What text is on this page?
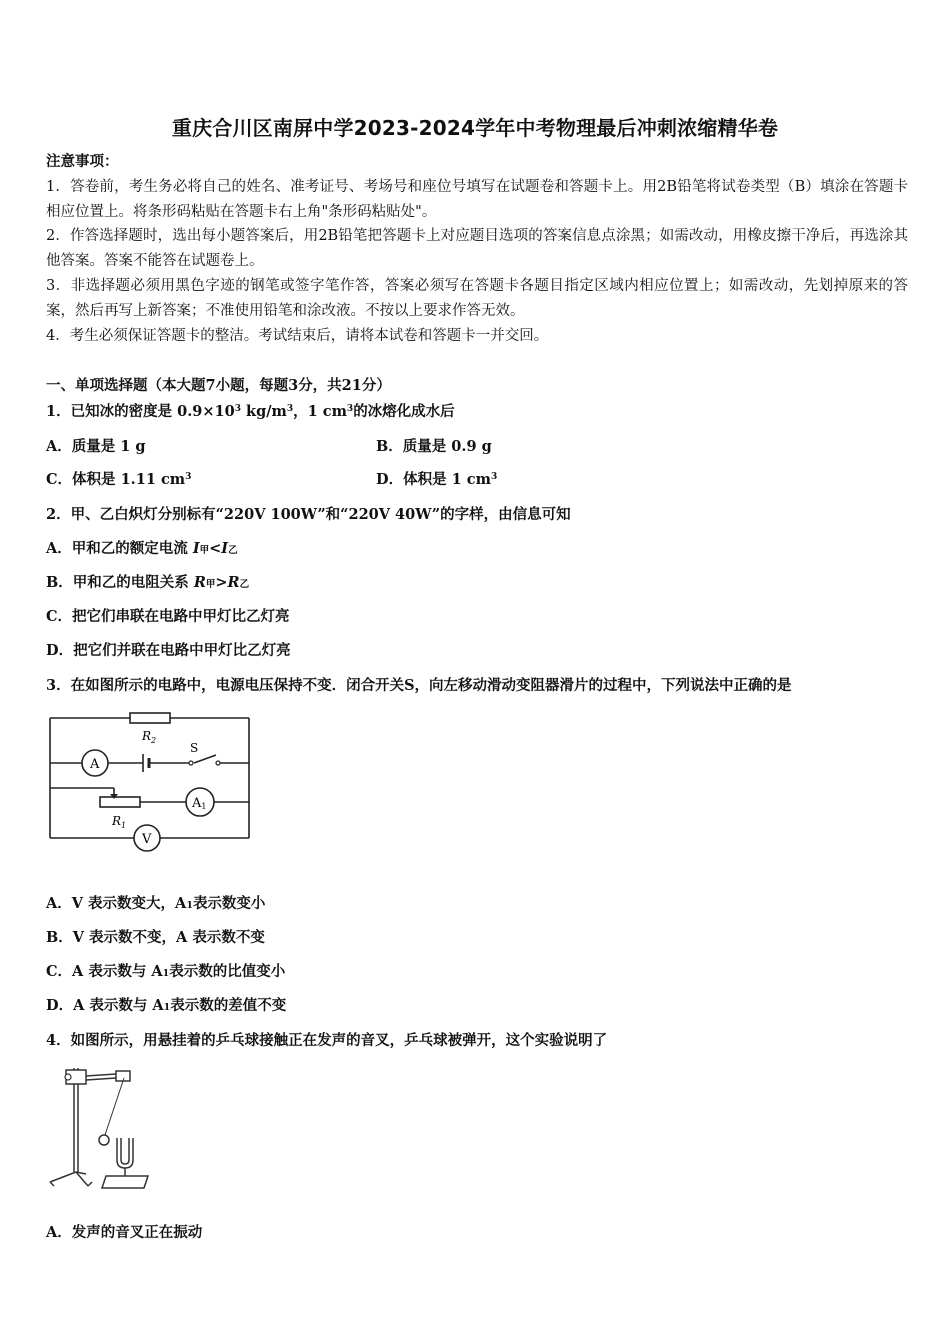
重庆合川区南屏中学2023-2024学年中考物理最后冲刺浓缩精华卷

注意事项：

1．答卷前，考生务必将自己的姓名、准考证号、考场号和座位号填写在试题卷和答题卡上。用2B铅笔将试卷类型（B）填涂在答题卡相应位置上。将条形码粘贴在答题卡右上角"条形码粘贴处"。

2．作答选择题时，选出每小题答案后，用2B铅笔把答题卡上对应题目选项的答案信息点涂黑；如需改动，用橡皮擦干净后，再选涂其他答案。答案不能答在试题卷上。

3．非选择题必须用黑色字迹的钢笔或签字笔作答，答案必须写在答题卡各题目指定区域内相应位置上；如需改动，先划掉原来的答案，然后再写上新答案；不准使用铅笔和涂改液。不按以上要求作答无效。

4．考生必须保证答题卡的整洁。考试结束后，请将本试卷和答题卡一并交回。

一、单项选择题（本大题7小题，每题3分，共21分）
1．已知冰的密度是 $0.9\times 10^3$ $kg/m^3$，1 $cm^3$的冰熔化成水后
A．质量是 1 g	B．质量是 0.9 g
C．体积是 1.11 $cm^3$	D．体积是 1 $cm^3$
2．甲、乙白炽灯分别标有“220V 100W”和“220V 40W”的字样，由信息可知
A．甲和乙的额定电流 I甲<I乙
B．甲和乙的电阻关系 R甲>R乙
C．把它们串联在电路中甲灯比乙灯亮
D．把它们并联在电路中甲灯比乙灯亮
3．在如图所示的电路中，电源电压保持不变．闭合开关S，向左移动滑动变阻器滑片的过程中，下列说法中正确的是
$R_2$
S
A
$R_1$
A1
V
A．V 表示数变大，A1表示数变小
B．V 表示数不变，A 表示数不变
C．A 表示数与 A1表示数的比值变小
D．A 表示数与 A1表示数的差值不变
4．如图所示，用悬挂着的乒乓球接触正在发声的音叉，乒乓球被弹开，这个实验说明了
A．发声的音叉正在振动
